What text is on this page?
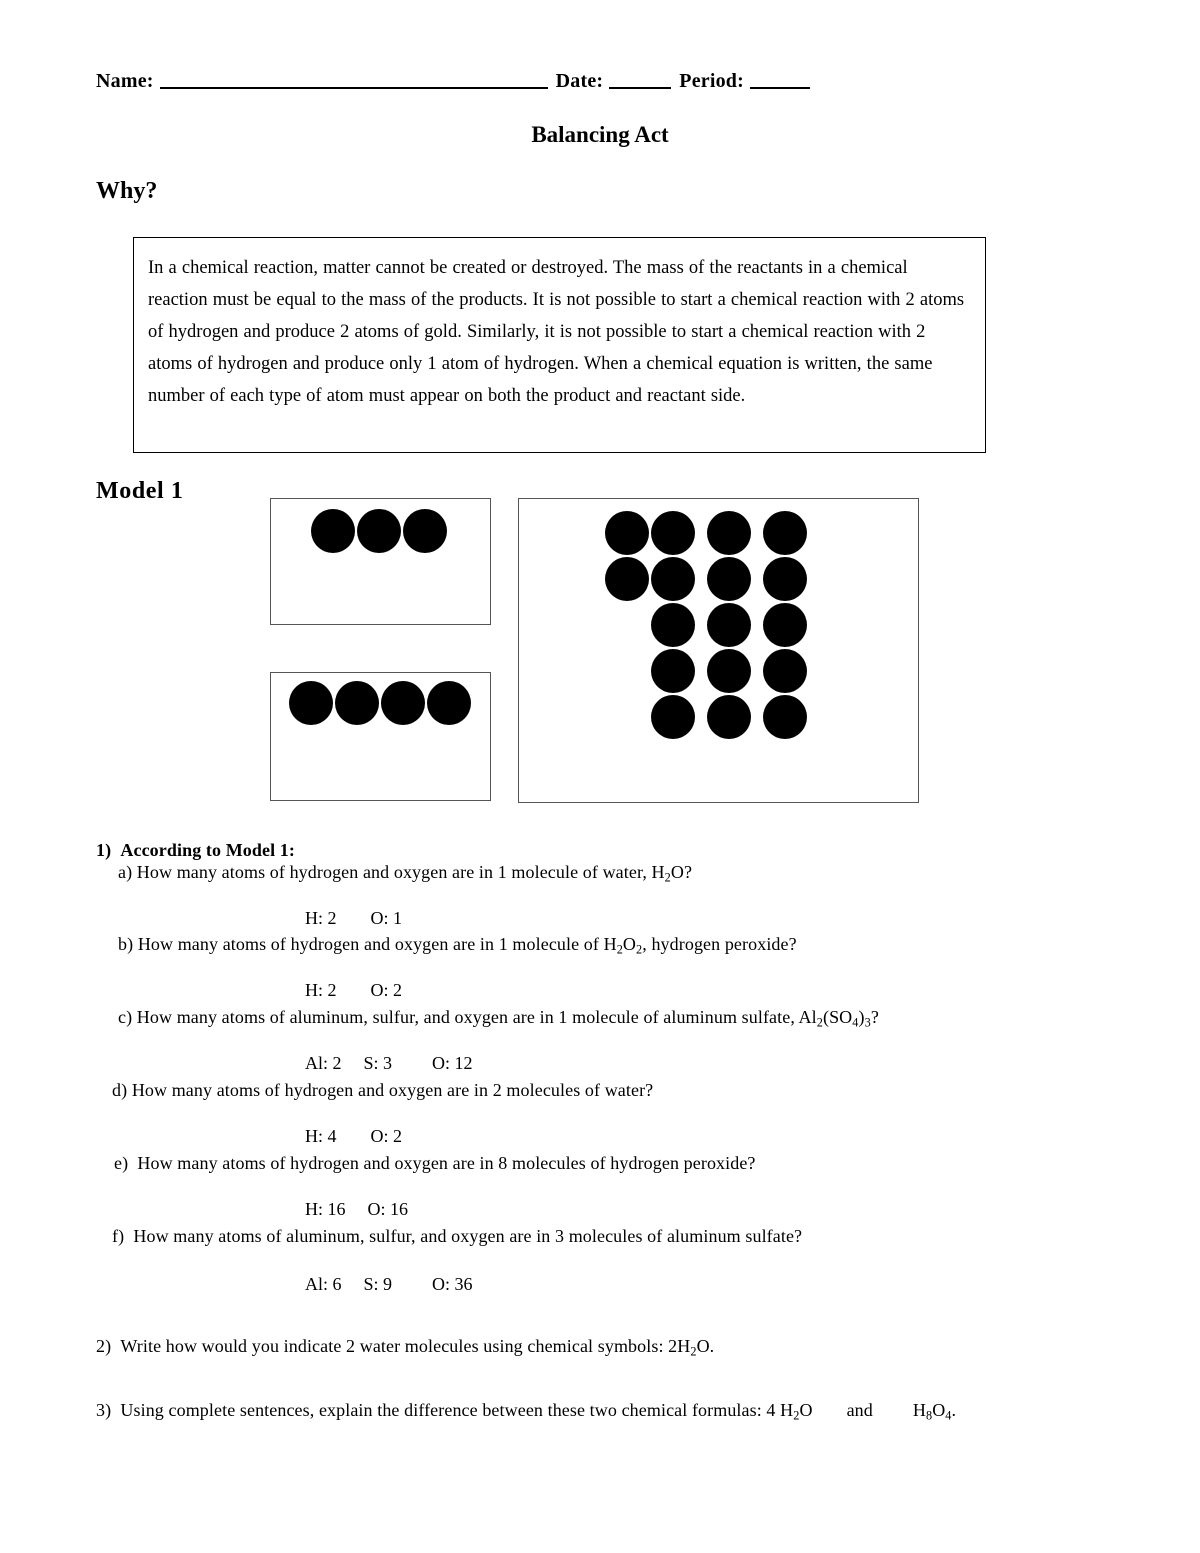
Name:	Date:	Period:
Balancing Act
Why?

In a chemical reaction, matter cannot be created or destroyed. The mass of the reactants in a chemical reaction must be equal to the mass of the products. It is not possible to start a chemical reaction with 2 atoms of hydrogen and produce 2 atoms of gold. Similarly, it is not possible to start a chemical reaction with 2 atoms of hydrogen and produce only 1 atom of hydrogen. When a chemical equation is written, the same number of each type of atom must appear on both the product and reactant side.

Model 1
1) According to Model 1:
a) How many atoms of hydrogen and oxygen are in 1 molecule of water, $H_2O$?
H: 2 O: 1
b) How many atoms of hydrogen and oxygen are in 1 molecule of $H_2O_2$, hydrogen peroxide?
H: 2 O: 2
c) How many atoms of aluminum, sulfur, and oxygen are in 1 molecule of aluminum sulfate, $Al_2(SO_4)_3$?
Al: 2 S: 3 O: 12
d) How many atoms of hydrogen and oxygen are in 2 molecules of water?
H: 4 O: 2
e) How many atoms of hydrogen and oxygen are in 8 molecules of hydrogen peroxide?
H: 16 O: 16
f) How many atoms of aluminum, sulfur, and oxygen are in 3 molecules of aluminum sulfate?
Al: 6 S: 9 O: 36
2) Write how would you indicate 2 water molecules using chemical symbols: $2H_2O$.
3) Using complete sentences, explain the difference between these two chemical formulas: 4 $H_2O$ and $H_8O_4$.
